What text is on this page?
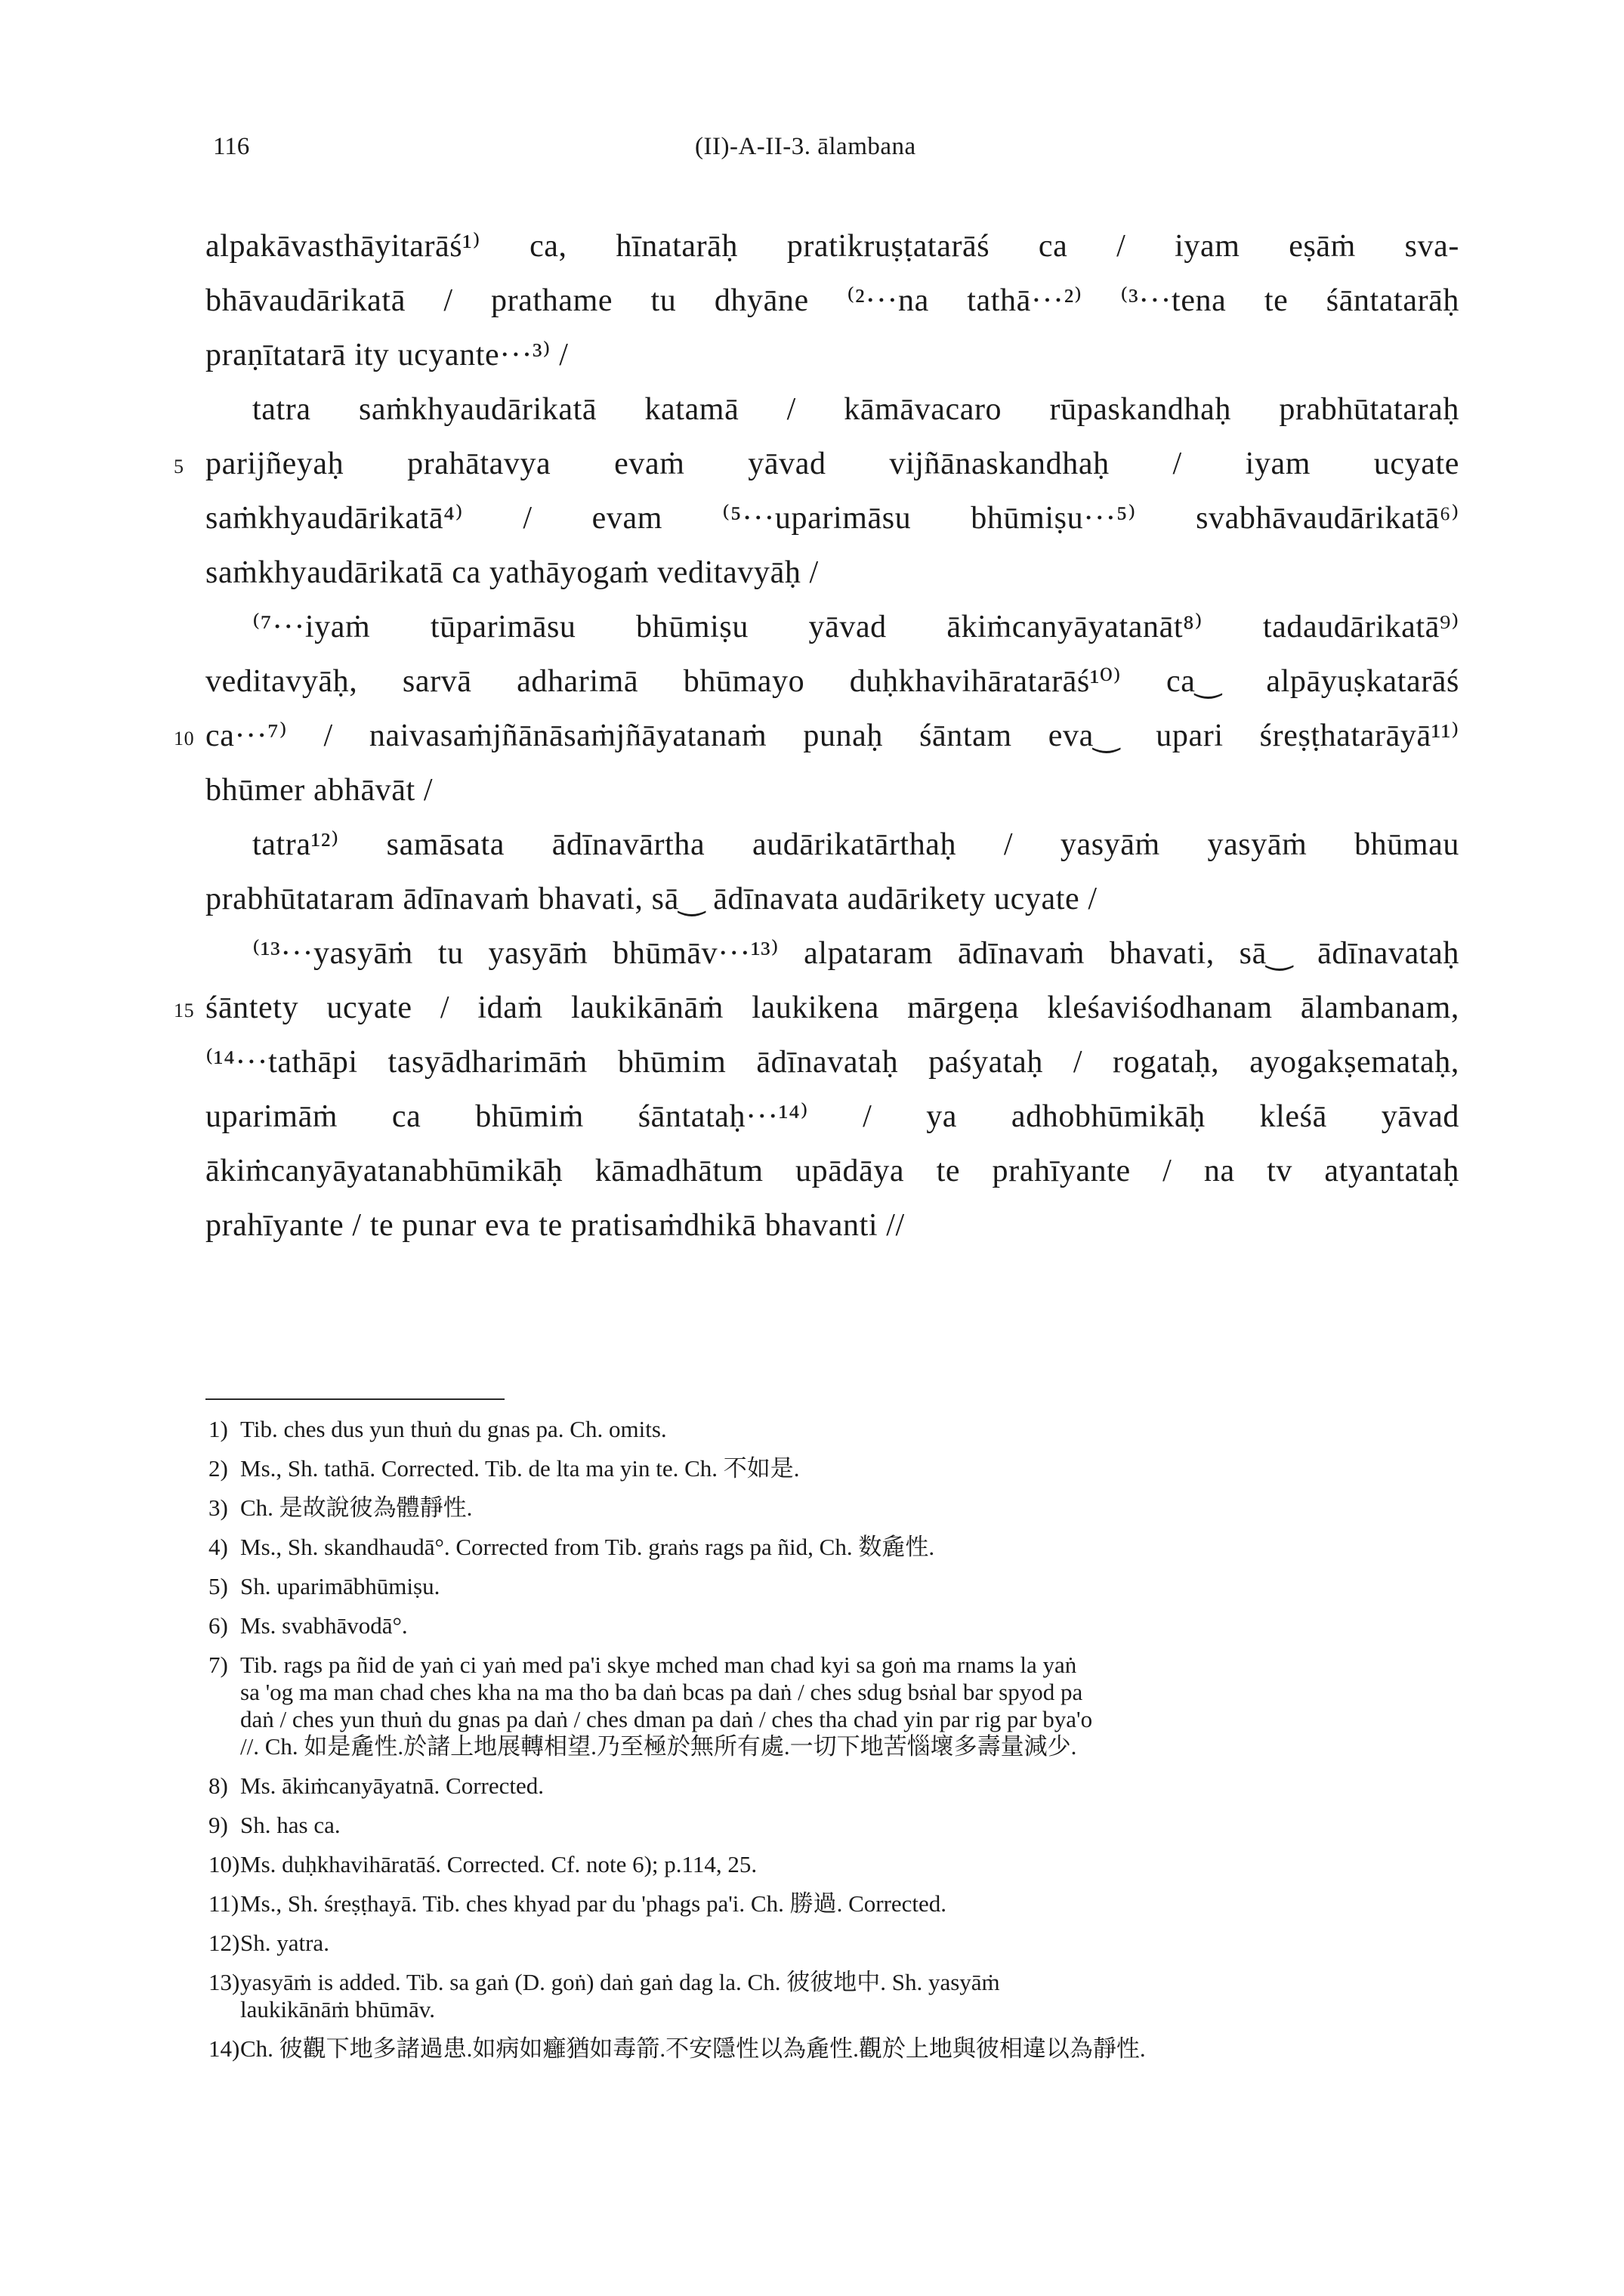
116	(II)-A-II-3. ālambana
alpakāvasthāyitarāś¹⁾ ca, hīnatarāḥ pratikruṣṭatarāś ca / iyam eṣāṁ sva-
bhāvaudārikatā / prathame tu dhyāne ⁽²···na tathā···²⁾ ⁽³···tena te śāntatarāḥ
praṇītatarā ity ucyante···³⁾ /
tatra saṁkhyaudārikatā katamā / kāmāvacaro rūpaskandhaḥ prabhūtataraḥ
5 parijñeyaḥ prahātavya evaṁ yāvad vijñānaskandhaḥ / iyam ucyate
saṁkhyaudārikatā⁴⁾ / evam ⁽⁵···uparimāsu bhūmiṣu···⁵⁾ svabhāvaudārikatā⁶⁾
saṁkhyaudārikatā ca yathāyogaṁ veditavyāḥ /
⁽⁷···iyaṁ tūparimāsu bhūmiṣu yāvad ākiṁcanyāyatanāt⁸⁾ tadaudārikatā⁹⁾
veditavyāḥ, sarvā adharimā bhūmayo duḥkhavihāratarāś¹⁰⁾ ca‿ alpāyuṣkatarāś
10 ca···⁷⁾ / naivasaṁjñānāsaṁjñāyatanaṁ punaḥ śāntam eva‿ upari śreṣṭhatarāyā¹¹⁾
bhūmer abhāvāt /
tatra¹²⁾ samāsata ādīnavārtha audārikatārthaḥ / yasyāṁ yasyāṁ bhūmau
prabhūtataram ādīnavaṁ bhavati, sā‿ ādīnavata audārikety ucyate /
⁽¹³···yasyāṁ tu yasyāṁ bhūmāv···¹³⁾ alpataram ādīnavaṁ bhavati, sā‿ ādīnavataḥ
15 śāntety ucyate / idaṁ laukikānāṁ laukikena mārgeṇa kleśaviśodhanam ālambanam,
⁽¹⁴···tathāpi tasyādharimāṁ bhūmim ādīnavataḥ paśyataḥ / rogataḥ, ayogakṣemataḥ,
uparimāṁ ca bhūmiṁ śāntataḥ···¹⁴⁾ / ya adhobhūmikāḥ kleśā yāvad
ākiṁcanyāyatanabhūmikāḥ kāmadhātum upādāya te prahīyante / na tv atyantataḥ
prahīyante / te punar eva te pratisaṁdhikā bhavanti //
1) Tib. ches dus yun thuṅ du gnas pa. Ch. omits.
2) Ms., Sh. tathā. Corrected. Tib. de lta ma yin te. Ch. 不如是.
3) Ch. 是故說彼為體靜性.
4) Ms., Sh. skandhaudā°. Corrected from Tib. graṅs rags pa ñid, Ch. 数麁性.
5) Sh. uparimābhūmiṣu.
6) Ms. svabhāvodā°.
7) Tib. rags pa ñid de yaṅ ci yaṅ med pa'i skye mched man chad kyi sa goṅ ma rnams la yaṅ
sa 'og ma man chad ches kha na ma tho ba daṅ bcas pa daṅ / ches sdug bsṅal bar spyod pa
daṅ / ches yun thuṅ du gnas pa daṅ / ches dman pa daṅ / ches tha chad yin par rig par bya'o
//. Ch. 如是麁性.於諸上地展轉相望.乃至極於無所有處.一切下地苦惱壞多壽量減少.
8) Ms. ākiṁcanyāyatnā. Corrected.
9) Sh. has ca.
10) Ms. duḥkhavihāratāś. Corrected. Cf. note 6); p.114, 25.
11) Ms., Sh. śreṣṭhayā. Tib. ches khyad par du 'phags pa'i. Ch. 勝過. Corrected.
12) Sh. yatra.
13) yasyāṁ is added. Tib. sa gaṅ (D. goṅ) daṅ gaṅ dag la. Ch. 彼彼地中. Sh. yasyāṁ
laukikānāṁ bhūmāv.
14) Ch. 彼觀下地多諸過患.如病如癰猶如毒箭.不安隱性以為麁性.觀於上地與彼相違以為靜性.
